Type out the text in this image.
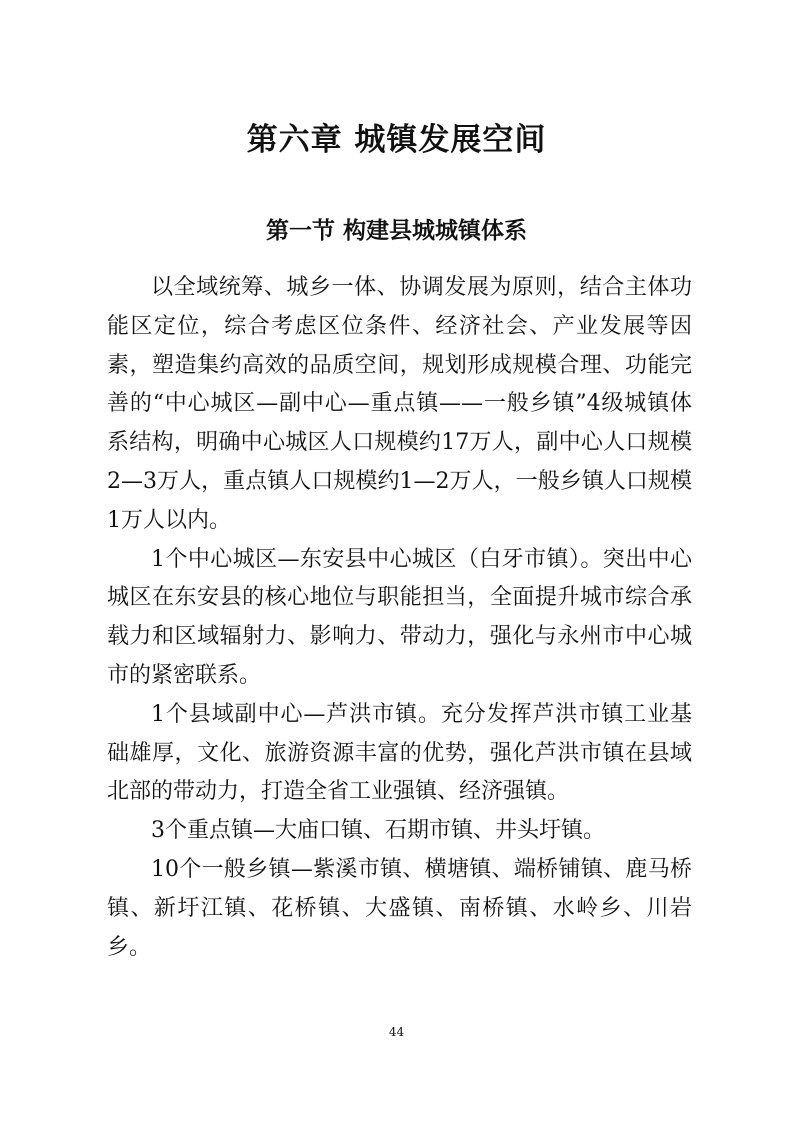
第六章 城镇发展空间
第一节 构建县城城镇体系

以全域统筹、城乡一体、协调发展为原则，结合主体功能区定位，综合考虑区位条件、经济社会、产业发展等因素，塑造集约高效的品质空间，规划形成规模合理、功能完善的“中心城区—副中心—重点镇——一般乡镇”4级城镇体系结构，明确中心城区人口规模约17万人，副中心人口规模2—3万人，重点镇人口规模约1—2万人，一般乡镇人口规模1万人以内。

1个中心城区—东安县中心城区（白牙市镇）。突出中心城区在东安县的核心地位与职能担当，全面提升城市综合承载力和区域辐射力、影响力、带动力，强化与永州市中心城市的紧密联系。

1个县域副中心—芦洪市镇。充分发挥芦洪市镇工业基础雄厚，文化、旅游资源丰富的优势，强化芦洪市镇在县域北部的带动力，打造全省工业强镇、经济强镇。

3个重点镇—大庙口镇、石期市镇、井头圩镇。

10个一般乡镇—紫溪市镇、横塘镇、端桥铺镇、鹿马桥镇、新圩江镇、花桥镇、大盛镇、南桥镇、水岭乡、川岩乡。

44
